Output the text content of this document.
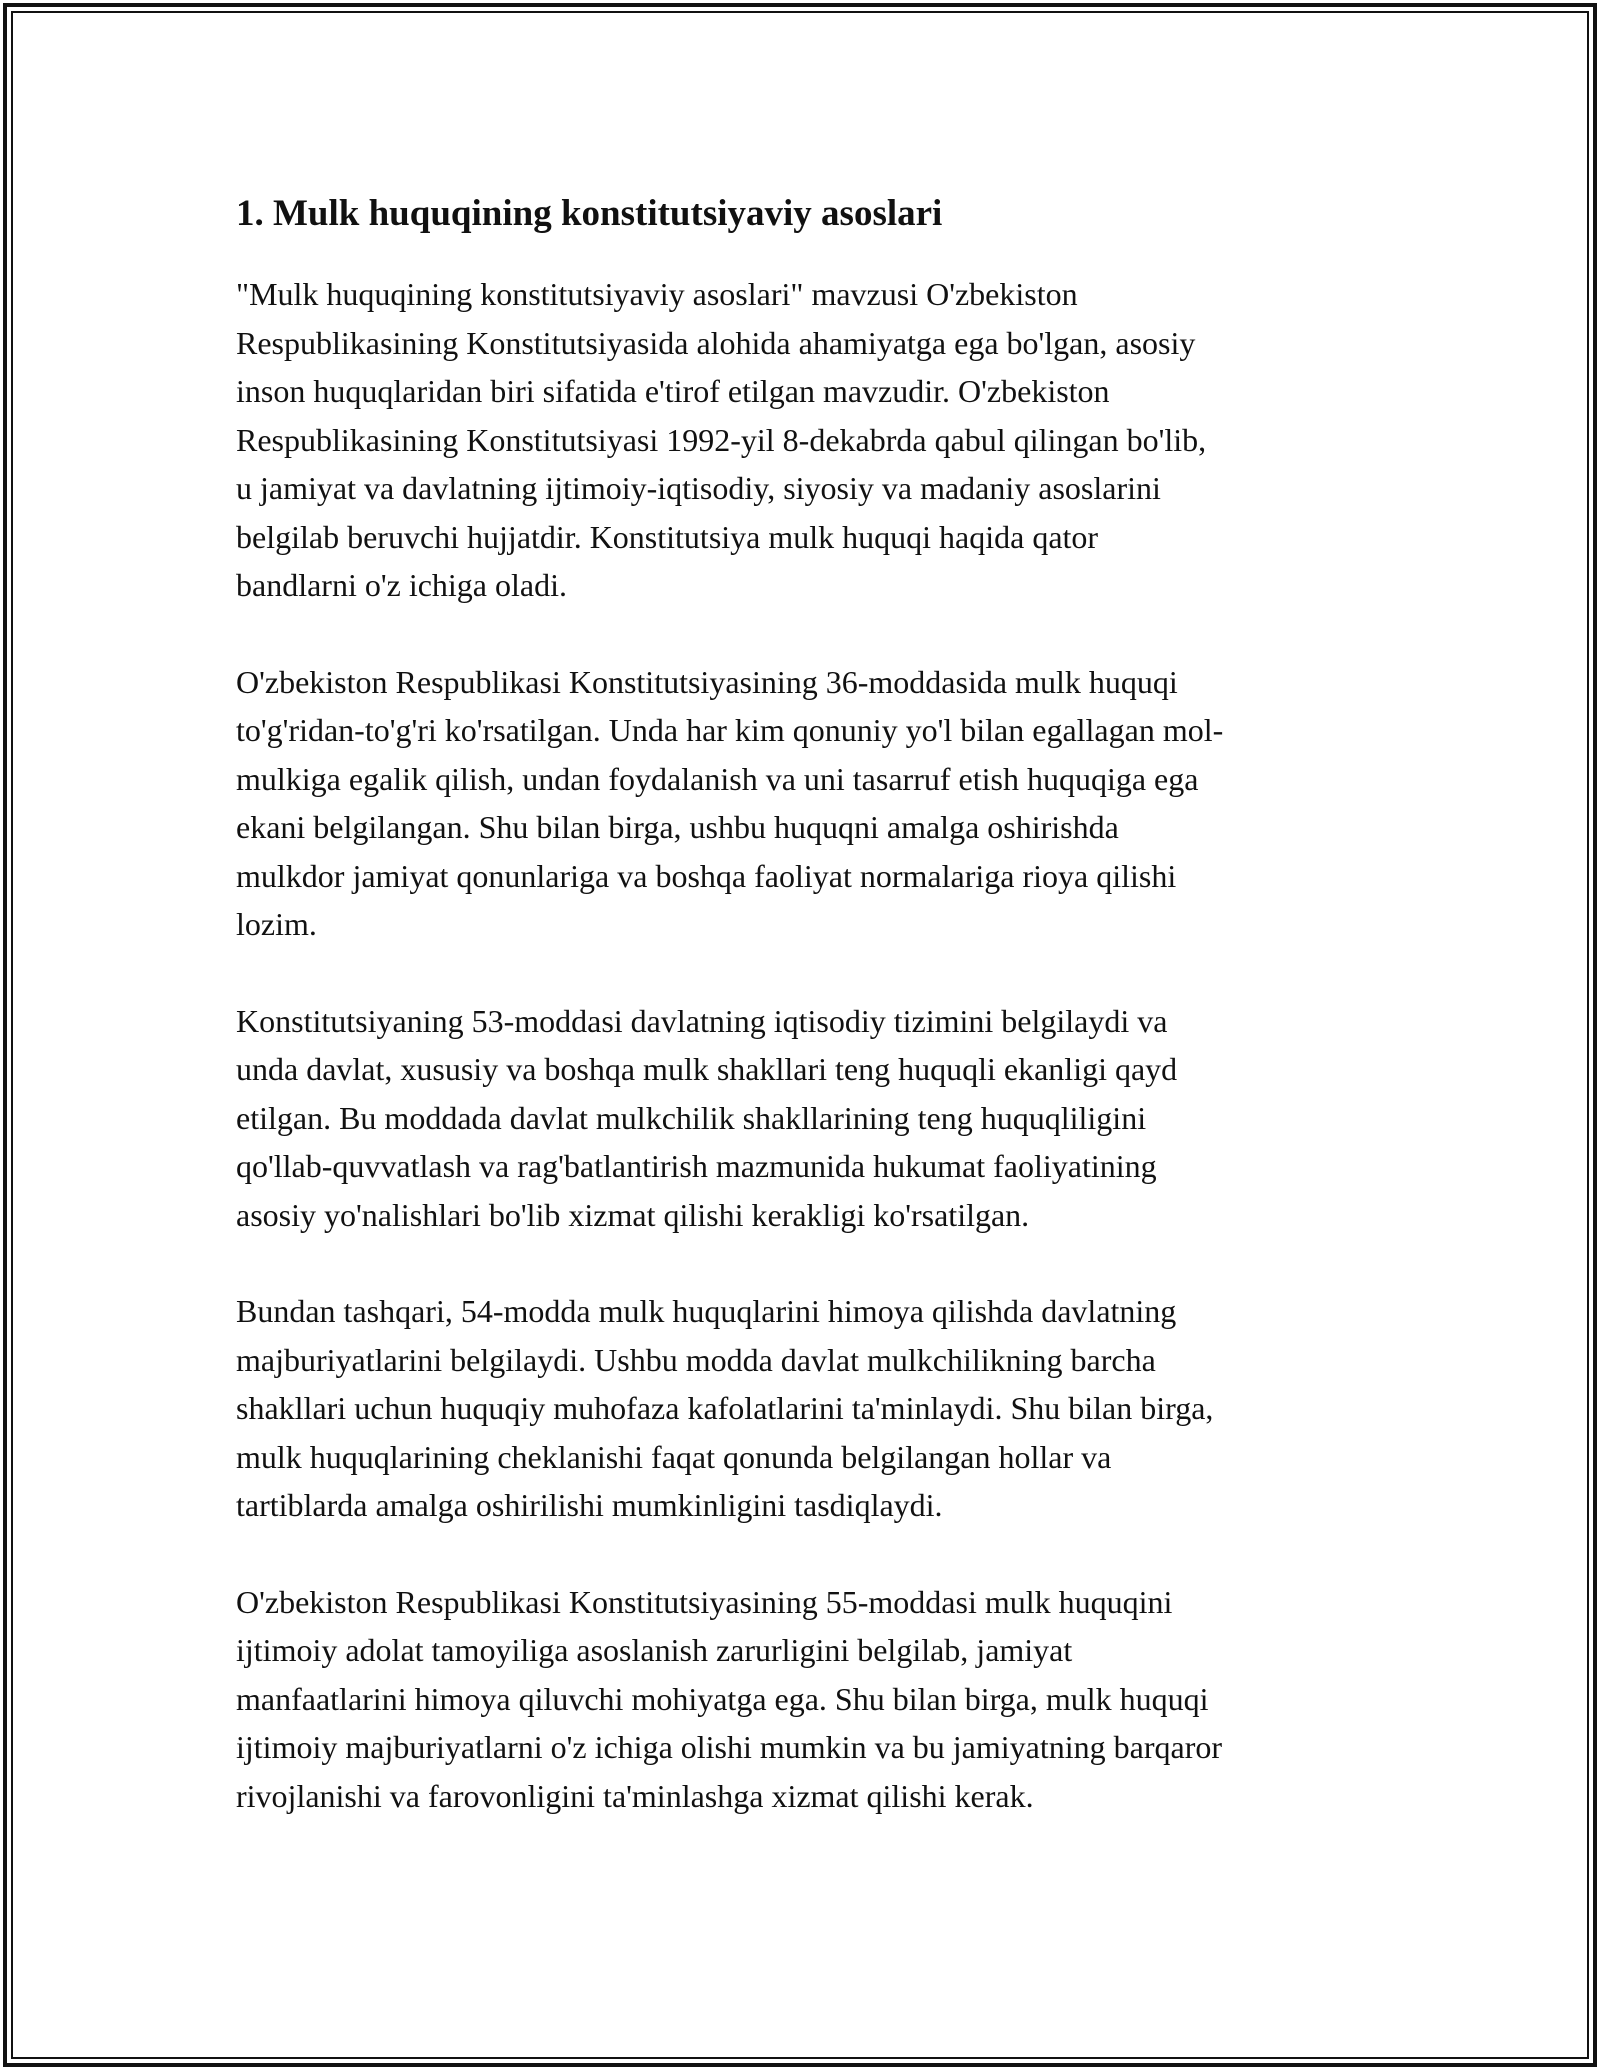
1. Mulk huquqining konstitutsiyaviy asoslari

"Mulk huquqining konstitutsiyaviy asoslari" mavzusi O'zbekiston
Respublikasining Konstitutsiyasida alohida ahamiyatga ega bo'lgan, asosiy
inson huquqlaridan biri sifatida e'tirof etilgan mavzudir. O'zbekiston
Respublikasining Konstitutsiyasi 1992-yil 8-dekabrda qabul qilingan bo'lib,
u jamiyat va davlatning ijtimoiy-iqtisodiy, siyosiy va madaniy asoslarini
belgilab beruvchi hujjatdir. Konstitutsiya mulk huquqi haqida qator
bandlarni o'z ichiga oladi.

O'zbekiston Respublikasi Konstitutsiyasining 36-moddasida mulk huquqi
to'g'ridan-to'g'ri ko'rsatilgan. Unda har kim qonuniy yo'l bilan egallagan mol-
mulkiga egalik qilish, undan foydalanish va uni tasarruf etish huquqiga ega
ekani belgilangan. Shu bilan birga, ushbu huquqni amalga oshirishda
mulkdor jamiyat qonunlariga va boshqa faoliyat normalariga rioya qilishi
lozim.

Konstitutsiyaning 53-moddasi davlatning iqtisodiy tizimini belgilaydi va
unda davlat, xususiy va boshqa mulk shakllari teng huquqli ekanligi qayd
etilgan. Bu moddada davlat mulkchilik shakllarining teng huquqliligini
qo'llab-quvvatlash va rag'batlantirish mazmunida hukumat faoliyatining
asosiy yo'nalishlari bo'lib xizmat qilishi kerakligi ko'rsatilgan.

Bundan tashqari, 54-modda mulk huquqlarini himoya qilishda davlatning
majburiyatlarini belgilaydi. Ushbu modda davlat mulkchilikning barcha
shakllari uchun huquqiy muhofaza kafolatlarini ta'minlaydi. Shu bilan birga,
mulk huquqlarining cheklanishi faqat qonunda belgilangan hollar va
tartiblarda amalga oshirilishi mumkinligini tasdiqlaydi.

O'zbekiston Respublikasi Konstitutsiyasining 55-moddasi mulk huquqini
ijtimoiy adolat tamoyiliga asoslanish zarurligini belgilab, jamiyat
manfaatlarini himoya qiluvchi mohiyatga ega. Shu bilan birga, mulk huquqi
ijtimoiy majburiyatlarni o'z ichiga olishi mumkin va bu jamiyatning barqaror
rivojlanishi va farovonligini ta'minlashga xizmat qilishi kerak.
